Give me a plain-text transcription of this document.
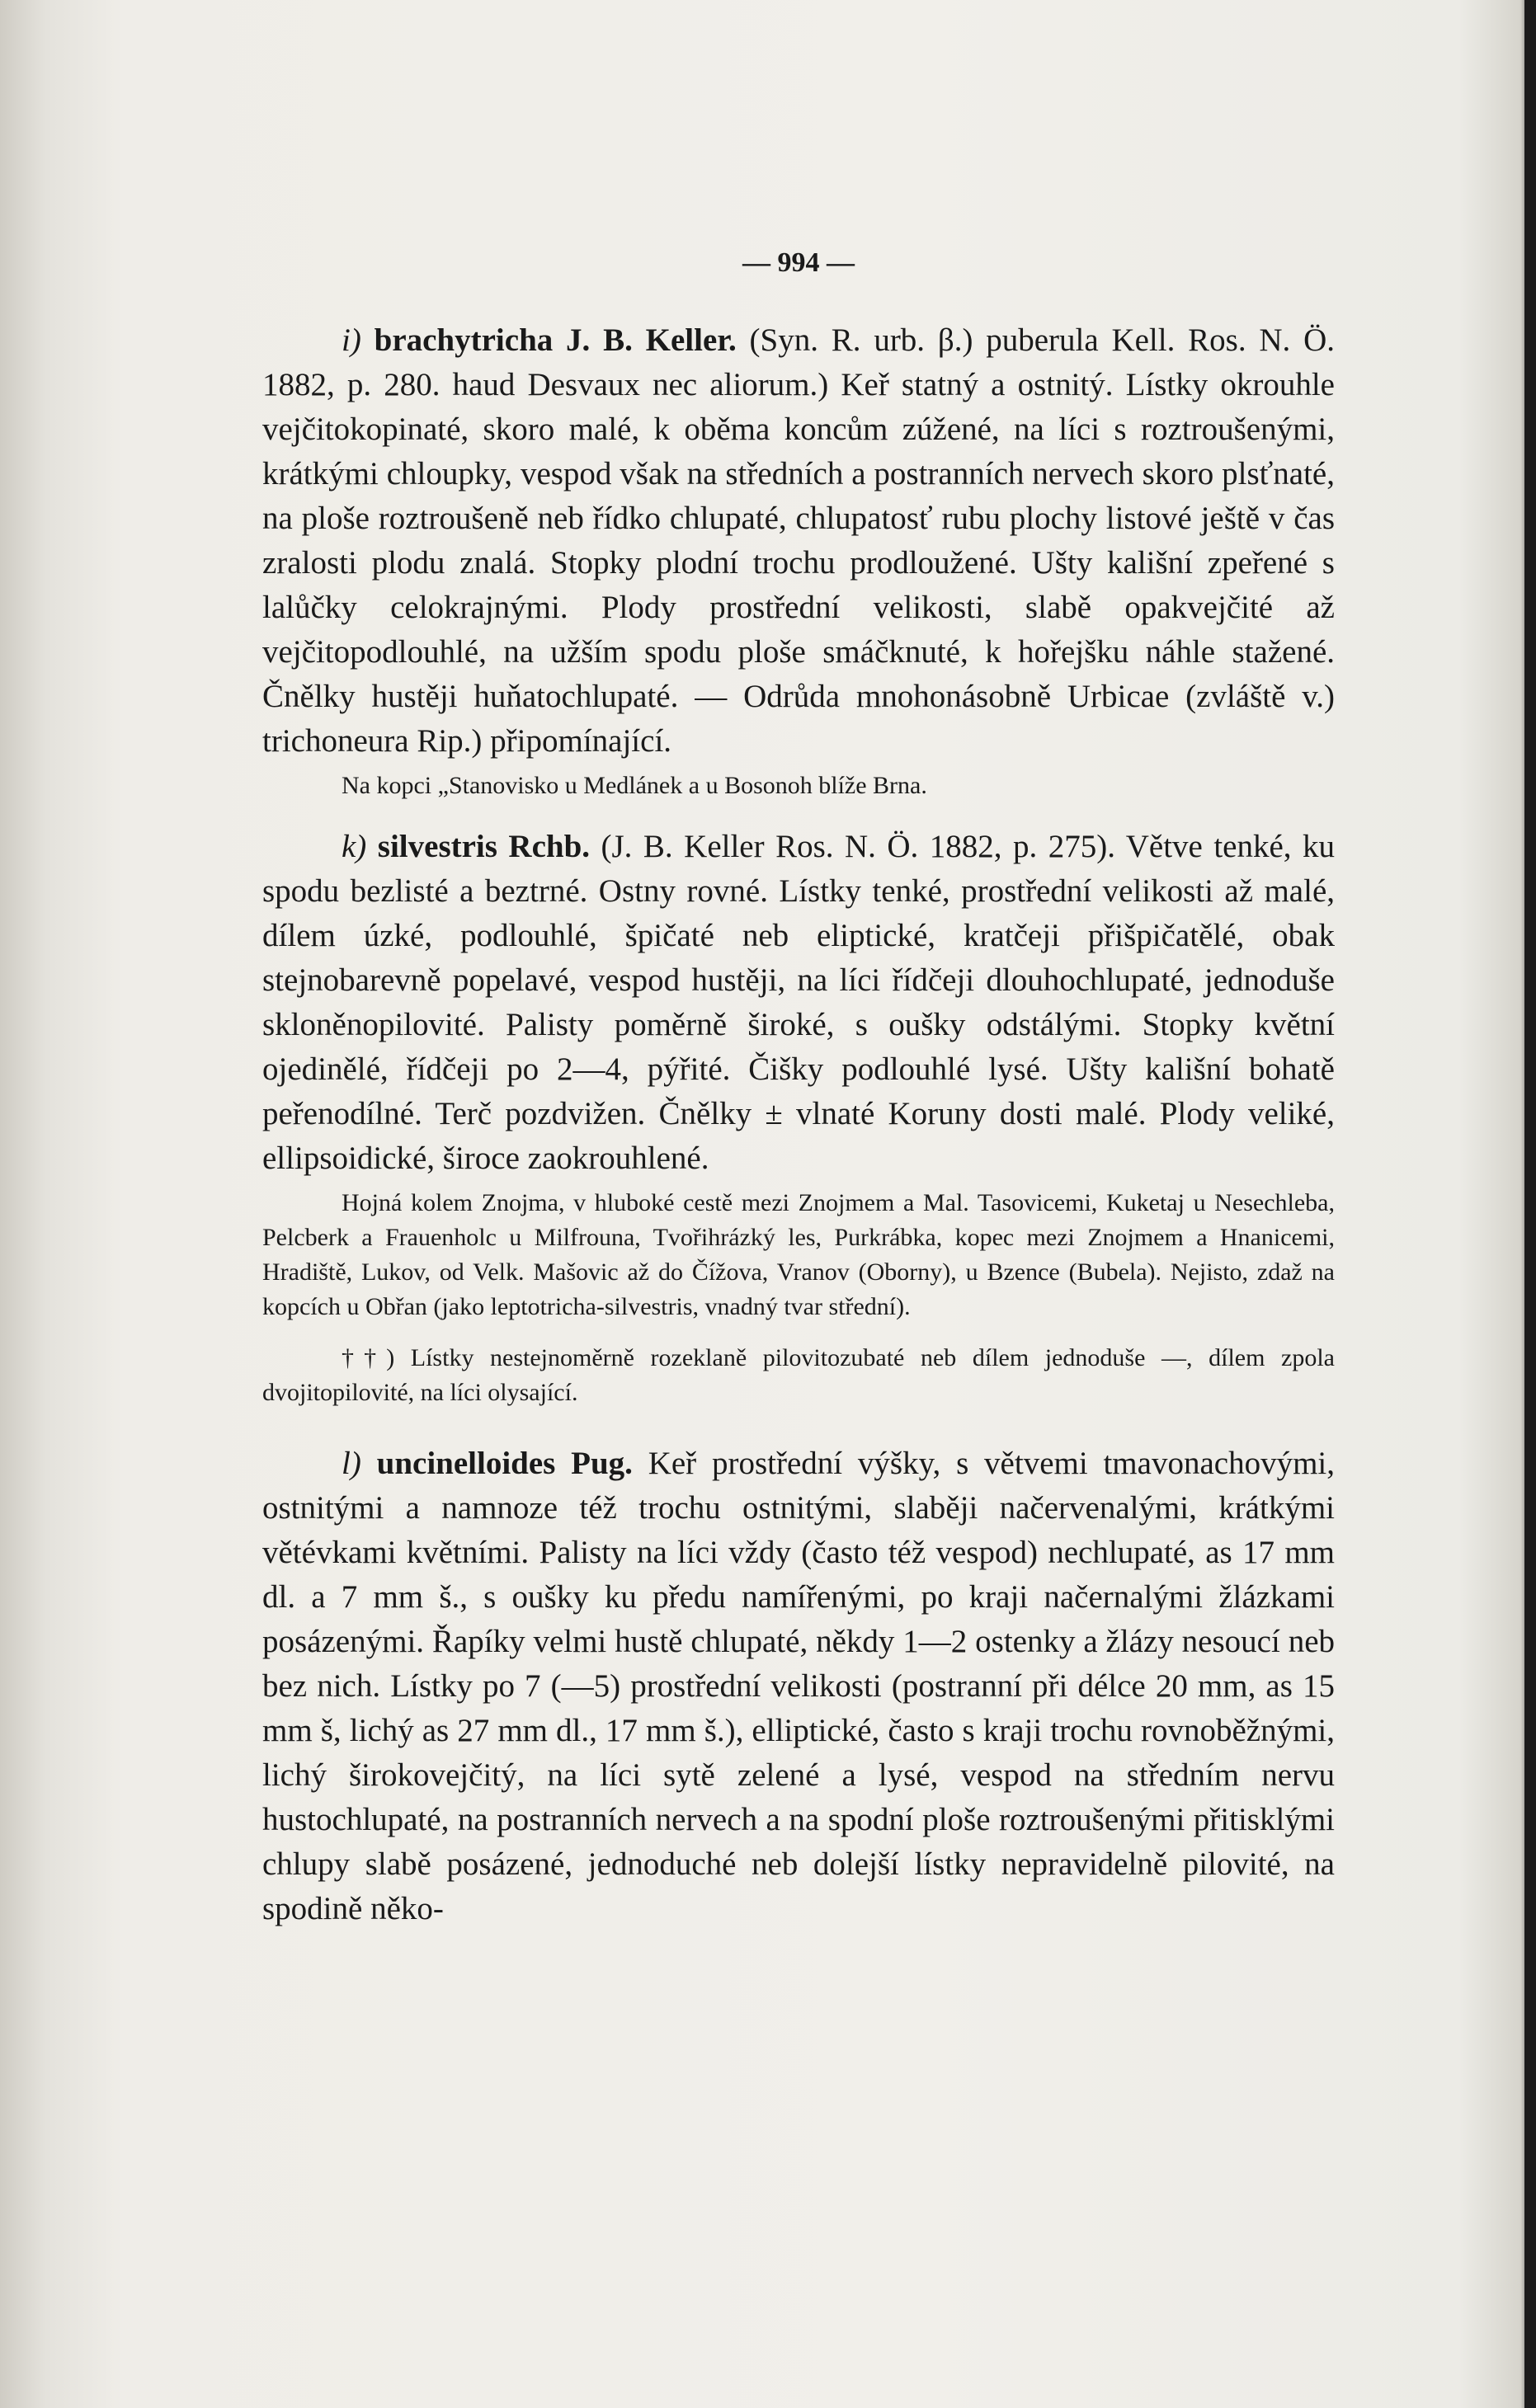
— 994 —

i) brachytricha J. B. Keller. (Syn. R. urb. β.) puberula Kell. Ros. N. Ö. 1882, p. 280. haud Desvaux nec aliorum.) Keř statný a ostnitý. Lístky okrouhle vejčitokopinaté, skoro malé, k oběma koncům zúžené, na líci s roztroušenými, krátkými chloupky, vespod však na středních a postranních nervech skoro plsťnaté, na ploše roztroušeně neb řídko chlupaté, chlupatosť rubu plochy listové ještě v čas zralosti plodu znalá. Stopky plodní trochu prodloužené. Ušty kališní zpeřené s lalůčky celokrajnými. Plody prostřední velikosti, slabě opakvejčité až vejčitopodlouhlé, na užším spodu ploše smáčknuté, k hořejšku náhle stažené. Čnělky hustěji huňatochlupaté. — Odrůda mnohonásobně Urbicae (zvláště v.) trichoneura Rip.) připomínající.

Na kopci „Stanovisko u Medlánek a u Bosonoh blíže Brna.

k) silvestris Rchb. (J. B. Keller Ros. N. Ö. 1882, p. 275). Větve tenké, ku spodu bezlisté a beztrné. Ostny rovné. Lístky tenké, prostřední velikosti až malé, dílem úzké, podlouhlé, špičaté neb eliptické, kratčeji přišpičatělé, obak stejnobarevně popelavé, vespod hustěji, na líci řídčeji dlouhochlupaté, jednoduše skloněnopilovité. Palisty poměrně široké, s oušky odstálými. Stopky květní ojedinělé, řídčeji po 2—4, pýřité. Čišky podlouhlé lysé. Ušty kališní bohatě peřenodílné. Terč pozdvižen. Čnělky ± vlnaté Koruny dosti malé. Plody veliké, ellipsoidické, široce zaokrouhlené.

Hojná kolem Znojma, v hluboké cestě mezi Znojmem a Mal. Tasovicemi, Kuketaj u Nesechleba, Pelcberk a Frauenholc u Milfrouna, Tvořihrázký les, Purkrábka, kopec mezi Znojmem a Hnanicemi, Hradiště, Lukov, od Velk. Mašovic až do Čížova, Vranov (Oborny), u Bzence (Bubela). Nejisto, zdaž na kopcích u Obřan (jako leptotricha-silvestris, vnadný tvar střední).

††) Lístky nestejnoměrně rozeklaně pilovitozubaté neb dílem jednoduše —, dílem zpola dvojitopilovité, na líci olysající.

l) uncinelloides Pug. Keř prostřední výšky, s větvemi tmavonachovými, ostnitými a namnoze též trochu ostnitými, slaběji načervenalými, krátkými větévkami květními. Palisty na líci vždy (často též vespod) nechlupaté, as 17 mm dl. a 7 mm š., s oušky ku předu namířenými, po kraji načernalými žlázkami posázenými. Řapíky velmi hustě chlupaté, někdy 1—2 ostenky a žlázy nesoucí neb bez nich. Lístky po 7 (—5) prostřední velikosti (postranní při délce 20 mm, as 15 mm š, lichý as 27 mm dl., 17 mm š.), elliptické, často s kraji trochu rovnoběžnými, lichý širokovejčitý, na líci sytě zelené a lysé, vespod na středním nervu hustochlupaté, na postranních nervech a na spodní ploše roztroušenými přitisklými chlupy slabě posázené, jednoduché neb dolejší lístky nepravidelně pilovité, na spodině něko-
